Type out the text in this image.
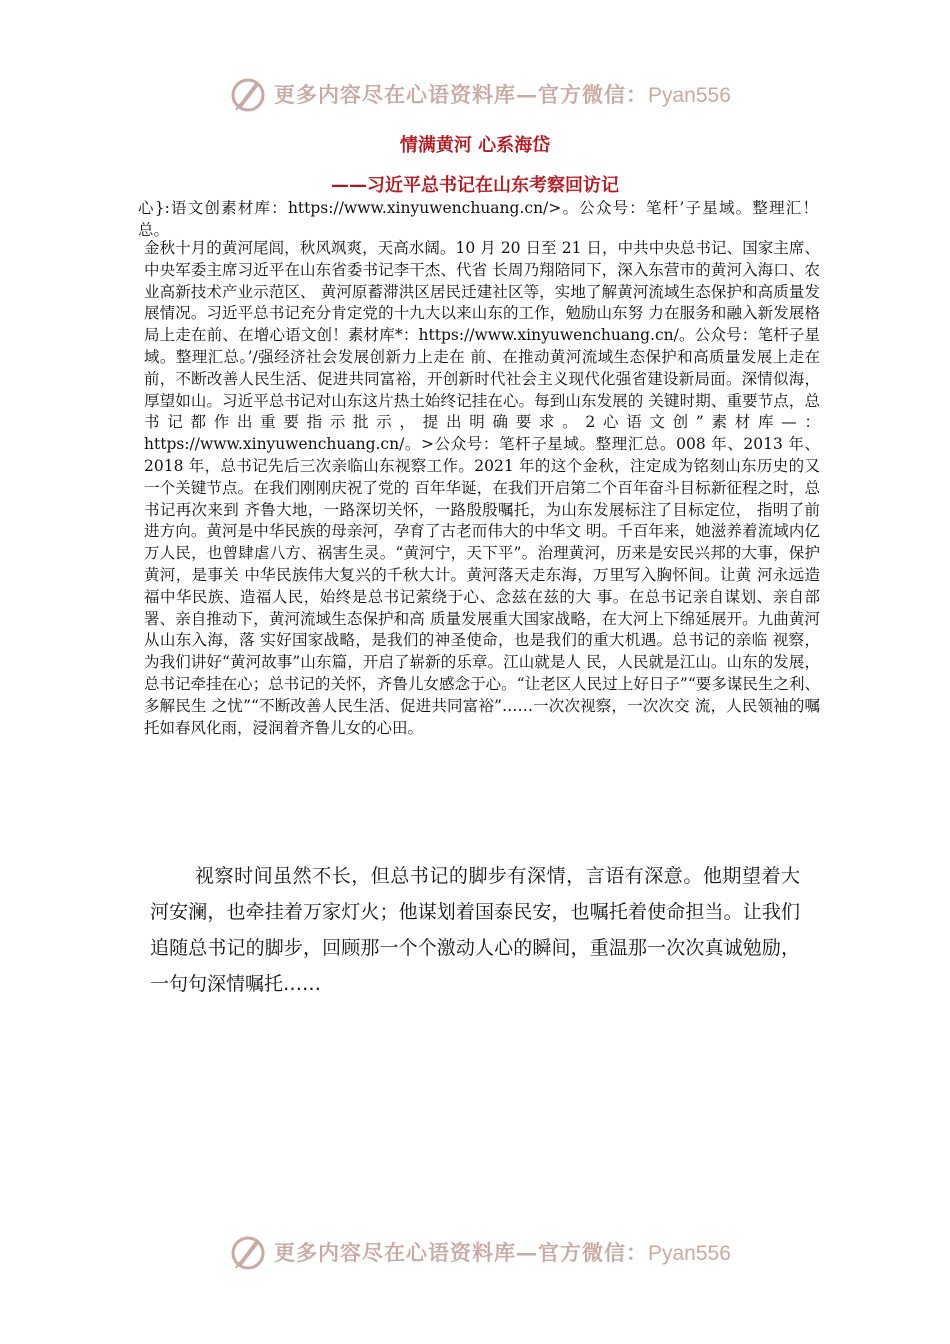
更多内容尽在心语资料库—官方微信：Pyan556
情满黄河 心系海岱
——习近平总书记在山东考察回访记

心}:语文创素材库：https://www.xinyuwenchuang.cn/>。公众号：笔杆’子星域。整理汇！总。

金秋十月的黄河尾闾，秋风飒爽，天高水阔。10 月 20 日至 21 日，中共中央总书记、国家主席、中央军委主席习近平在山东省委书记李干杰、代省 长周乃翔陪同下，深入东营市的黄河入海口、农业高新技术产业示范区、 黄河原蓄滞洪区居民迁建社区等，实地了解黄河流域生态保护和高质量发 展情况。习近平总书记充分肯定党的十九大以来山东的工作，勉励山东努 力在服务和融入新发展格局上走在前、在增心语文创！素材库*：https://www.xinyuwenchuang.cn/。公众号：笔杆子星域。整理汇总。’/强经济社会发展创新力上走在 前、在推动黄河流域生态保护和高质量发展上走在前，不断改善人民生活、促进共同富裕，开创新时代社会主义现代化强省建设新局面。深情似海， 厚望如山。习近平总书记对山东这片热土始终记挂在心。每到山东发展的 关键时期、重要节点，总书记都作出重要指示批示，提出明确要求。2心语文创”素材库—：https://www.xinyuwenchuang.cn/。>公众号：笔杆子星域。整理汇总。008 年、2013 年、2018 年，总书记先后三次亲临山东视察工作。2021 年的这个金秋，注定成为铭刻山东历史的又一个关键节点。在我们刚刚庆祝了党的 百年华诞，在我们开启第二个百年奋斗目标新征程之时，总书记再次来到 齐鲁大地，一路深切关怀，一路殷殷嘱托，为山东发展标注了目标定位， 指明了前进方向。黄河是中华民族的母亲河，孕育了古老而伟大的中华文 明。千百年来，她滋养着流域内亿万人民，也曾肆虐八方、祸害生灵。“黄河宁，天下平”。治理黄河，历来是安民兴邦的大事，保护黄河，是事关 中华民族伟大复兴的千秋大计。黄河落天走东海，万里写入胸怀间。让黄 河永远造福中华民族、造福人民，始终是总书记萦绕于心、念兹在兹的大 事。在总书记亲自谋划、亲自部署、亲自推动下，黄河流域生态保护和高 质量发展重大国家战略，在大河上下绵延展开。九曲黄河从山东入海，落 实好国家战略，是我们的神圣使命，也是我们的重大机遇。总书记的亲临 视察，为我们讲好“黄河故事”山东篇，开启了崭新的乐章。江山就是人 民，人民就是江山。山东的发展，总书记牵挂在心；总书记的关怀，齐鲁儿女感念于心。“让老区人民过上好日子”“要多谋民生之利、多解民生 之忧”“不断改善人民生活、促进共同富裕”……一次次视察，一次次交 流，人民领袖的嘱托如春风化雨，浸润着齐鲁儿女的心田。

视察时间虽然不长，但总书记的脚步有深情，言语有深意。他期望着大河安澜，也牵挂着万家灯火；他谋划着国泰民安，也嘱托着使命担当。让我们追随总书记的脚步，回顾那一个个激动人心的瞬间，重温那一次次真诚勉励，一句句深情嘱托……

更多内容尽在心语资料库—官方微信：Pyan556
